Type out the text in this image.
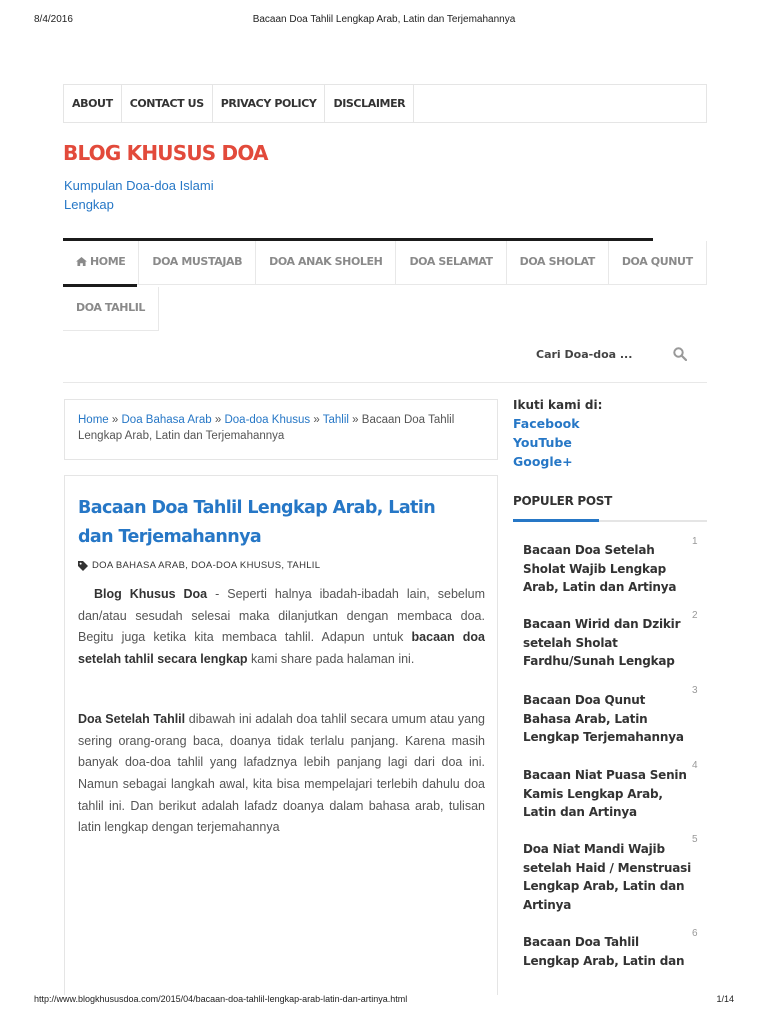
8/4/2016	Bacaan Doa Tahlil Lengkap Arab, Latin dan Terjemahannya
ABOUT	CONTACT US	PRIVACY POLICY	DISCLAIMER
BLOG KHUSUS DOA
Kumpulan Doa-doa Islami Lengkap
HOME	DOA MUSTAJAB	DOA ANAK SHOLEH	DOA SELAMAT	DOA SHOLAT	DOA QUNUT
DOA TAHLIL
Cari Doa-doa ...
Home » Doa Bahasa Arab » Doa-doa Khusus » Tahlil » Bacaan Doa Tahlil Lengkap Arab, Latin dan Terjemahannya
Bacaan Doa Tahlil Lengkap Arab, Latin dan Terjemahannya
DOA BAHASA ARAB, DOA-DOA KHUSUS, TAHLIL

Blog Khusus Doa - Seperti halnya ibadah-ibadah lain, sebelum dan/atau sesudah selesai maka dilanjutkan dengan membaca doa. Begitu juga ketika kita membaca tahlil. Adapun untuk bacaan doa setelah tahlil secara lengkap kami share pada halaman ini.

Doa Setelah Tahlil dibawah ini adalah doa tahlil secara umum atau yang sering orang-orang baca, doanya tidak terlalu panjang. Karena masih banyak doa-doa tahlil yang lafadznya lebih panjang lagi dari doa ini. Namun sebagai langkah awal, kita bisa mempelajari terlebih dahulu doa tahlil ini. Dan berikut adalah lafadz doanya dalam bahasa arab, tulisan latin lengkap dengan terjemahannya

Ikuti kami di:
Facebook
YouTube
Google+
POPULER POST
Bacaan Doa Setelah Sholat Wajib Lengkap Arab, Latin dan Artinya
1
Bacaan Wirid dan Dzikir setelah Sholat Fardhu/Sunah Lengkap
2
Bacaan Doa Qunut Bahasa Arab, Latin Lengkap Terjemahannya
3
Bacaan Niat Puasa Senin Kamis Lengkap Arab, Latin dan Artinya
4
Doa Niat Mandi Wajib setelah Haid / Menstruasi Lengkap Arab, Latin dan Artinya
5
Bacaan Doa Tahlil Lengkap Arab, Latin dan
6
http://www.blogkhususdoa.com/2015/04/bacaan-doa-tahlil-lengkap-arab-latin-dan-artinya.html	1/14
